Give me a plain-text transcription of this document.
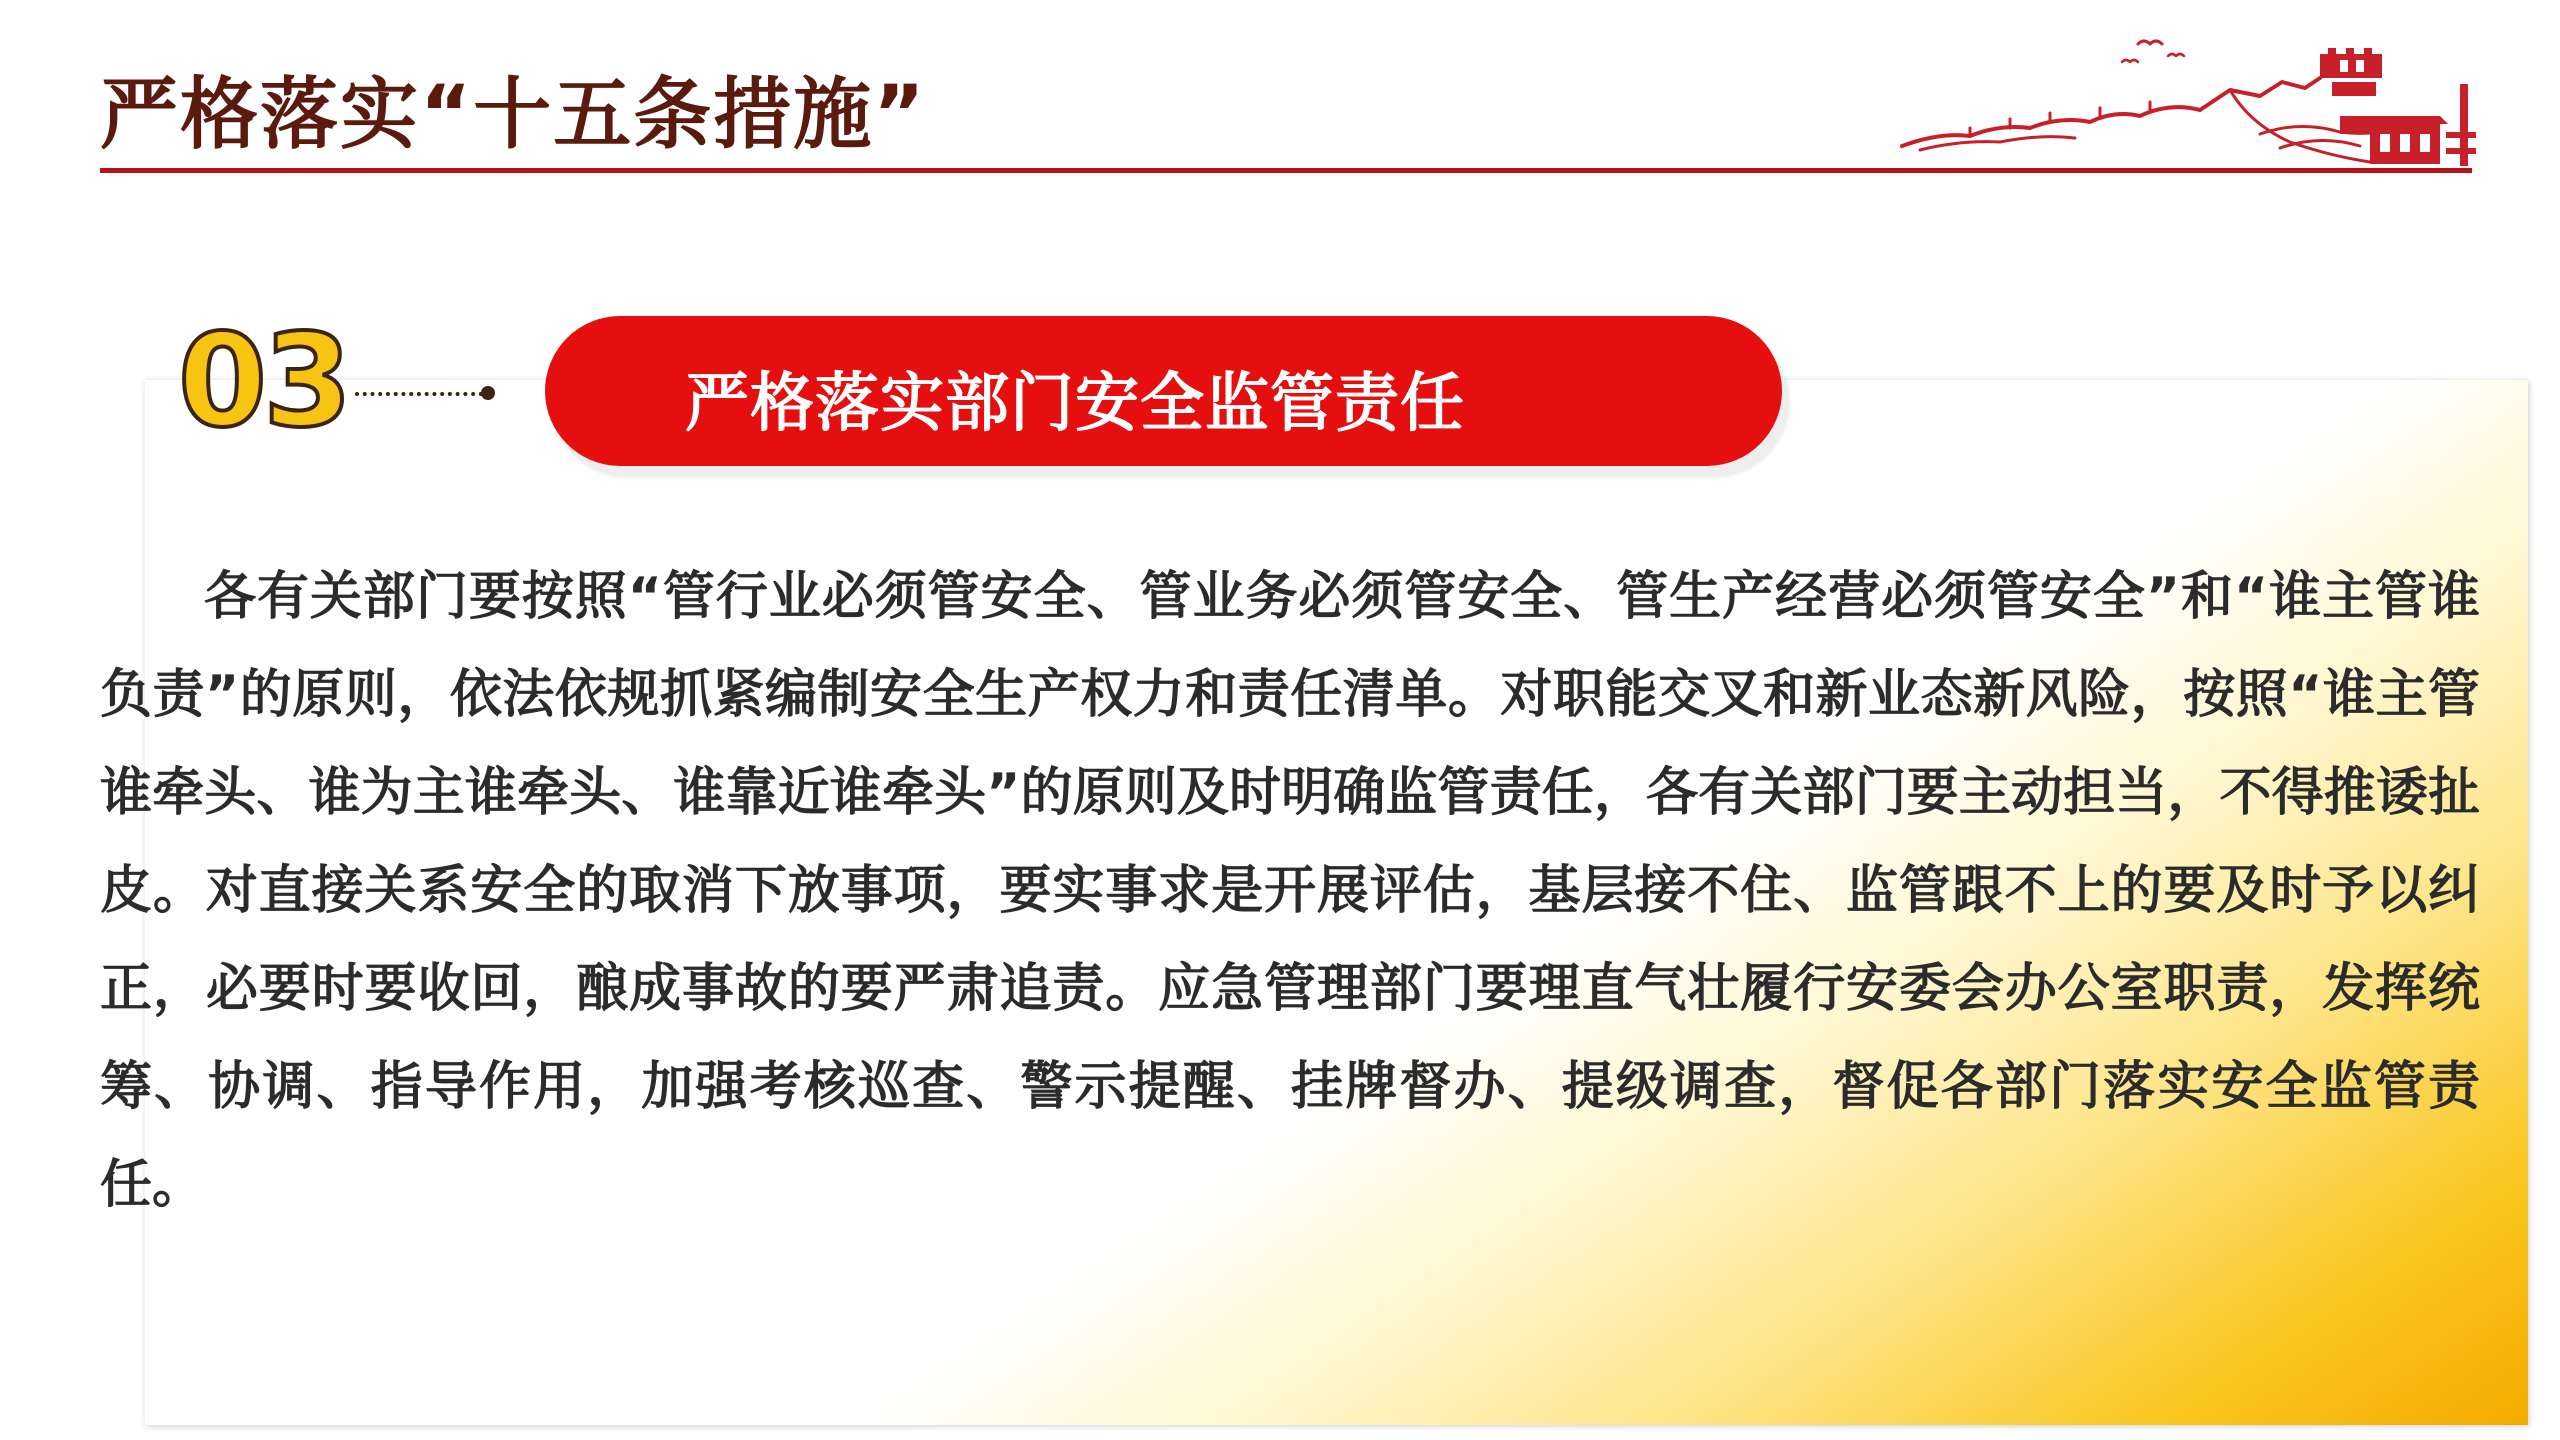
严格落实“十五条措施”
03	严格落实部门安全监管责任

各有关部门要按照“管行业必须管安全、管业务必须管安全、管生产经营必须管安全”和“谁主管谁负责”的原则，依法依规抓紧编制安全生产权力和责任清单。对职能交叉和新业态新风险，按照“谁主管谁牵头、谁为主谁牵头、谁靠近谁牵头”的原则及时明确监管责任，各有关部门要主动担当，不得推诿扯皮。对直接关系安全的取消下放事项，要实事求是开展评估，基层接不住、监管跟不上的要及时予以纠正，必要时要收回，酿成事故的要严肃追责。应急管理部门要理直气壮履行安委会办公室职责，发挥统筹、协调、指导作用，加强考核巡查、警示提醒、挂牌督办、提级调查，督促各部门落实安全监管责任。
